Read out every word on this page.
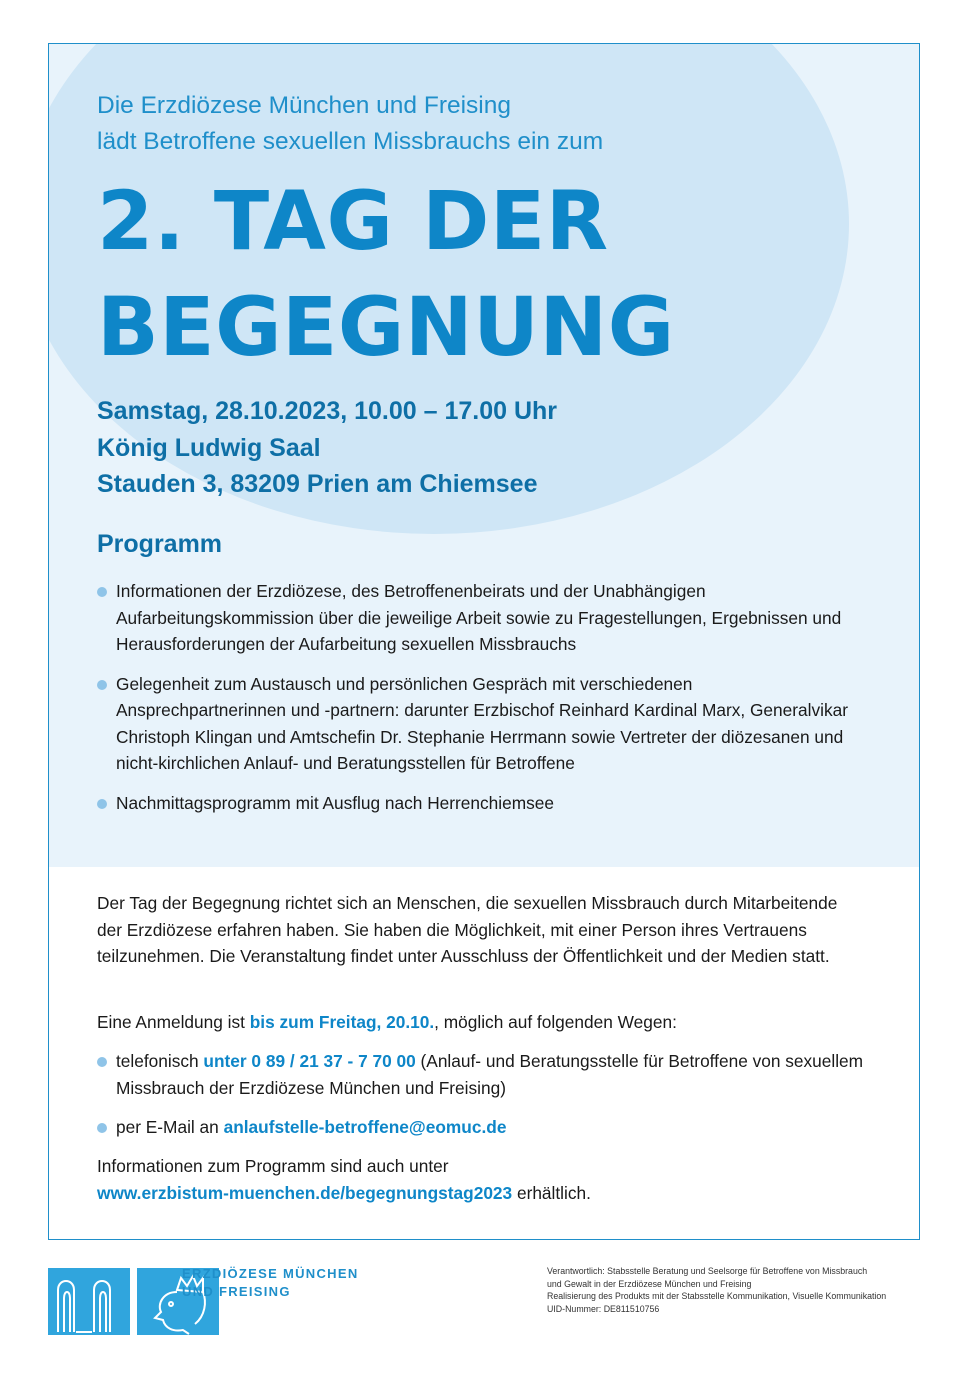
Die Erzdiözese München und Freising
lädt Betroffene sexuellen Missbrauchs ein zum

2. TAG DER
BEGEGNUNG
Samstag, 28.10.2023, 10.00 – 17.00 Uhr
König Ludwig Saal
Stauden 3, 83209 Prien am Chiemsee
Programm
Informationen der Erzdiözese, des Betroffenenbeirats und der Unabhängigen Aufarbeitungskommission über die jeweilige Arbeit sowie zu Fragestellungen, Ergebnissen und Herausforderungen der Aufarbeitung sexuellen Missbrauchs
Gelegenheit zum Austausch und persönlichen Gespräch mit verschiedenen Ansprechpartnerinnen und -partnern: darunter Erzbischof Reinhard Kardinal Marx, Generalvikar Christoph Klingan und Amtschefin Dr. Stephanie Herrmann sowie Vertreter der diözesanen und nicht-kirchlichen Anlauf- und Beratungsstellen für Betroffene
Nachmittagsprogramm mit Ausflug nach Herrenchiemsee

Der Tag der Begegnung richtet sich an Menschen, die sexuellen Missbrauch durch Mitarbeitende der Erzdiözese erfahren haben. Sie haben die Möglichkeit, mit einer Person ihres Vertrauens teilzunehmen. Die Veranstaltung findet unter Ausschluss der Öffentlichkeit und der Medien statt.

Eine Anmeldung ist bis zum Freitag, 20.10., möglich auf folgenden Wegen:

telefonisch unter 0 89 / 21 37 - 7 70 00 (Anlauf- und Beratungsstelle für Betroffene von sexuellem Missbrauch der Erzdiözese München und Freising)
per E-Mail an anlaufstelle-betroffene@eomuc.de

Informationen zum Programm sind auch unter
www.erzbistum-muenchen.de/begegnungstag2023 erhältlich.

ERZDIÖZESE MÜNCHEN
UND FREISING
Verantwortlich: Stabsstelle Beratung und Seelsorge für Betroffene von Missbrauch
und Gewalt in der Erzdiözese München und Freising
Realisierung des Produkts mit der Stabsstelle Kommunikation, Visuelle Kommunikation
UID-Nummer: DE811510756
